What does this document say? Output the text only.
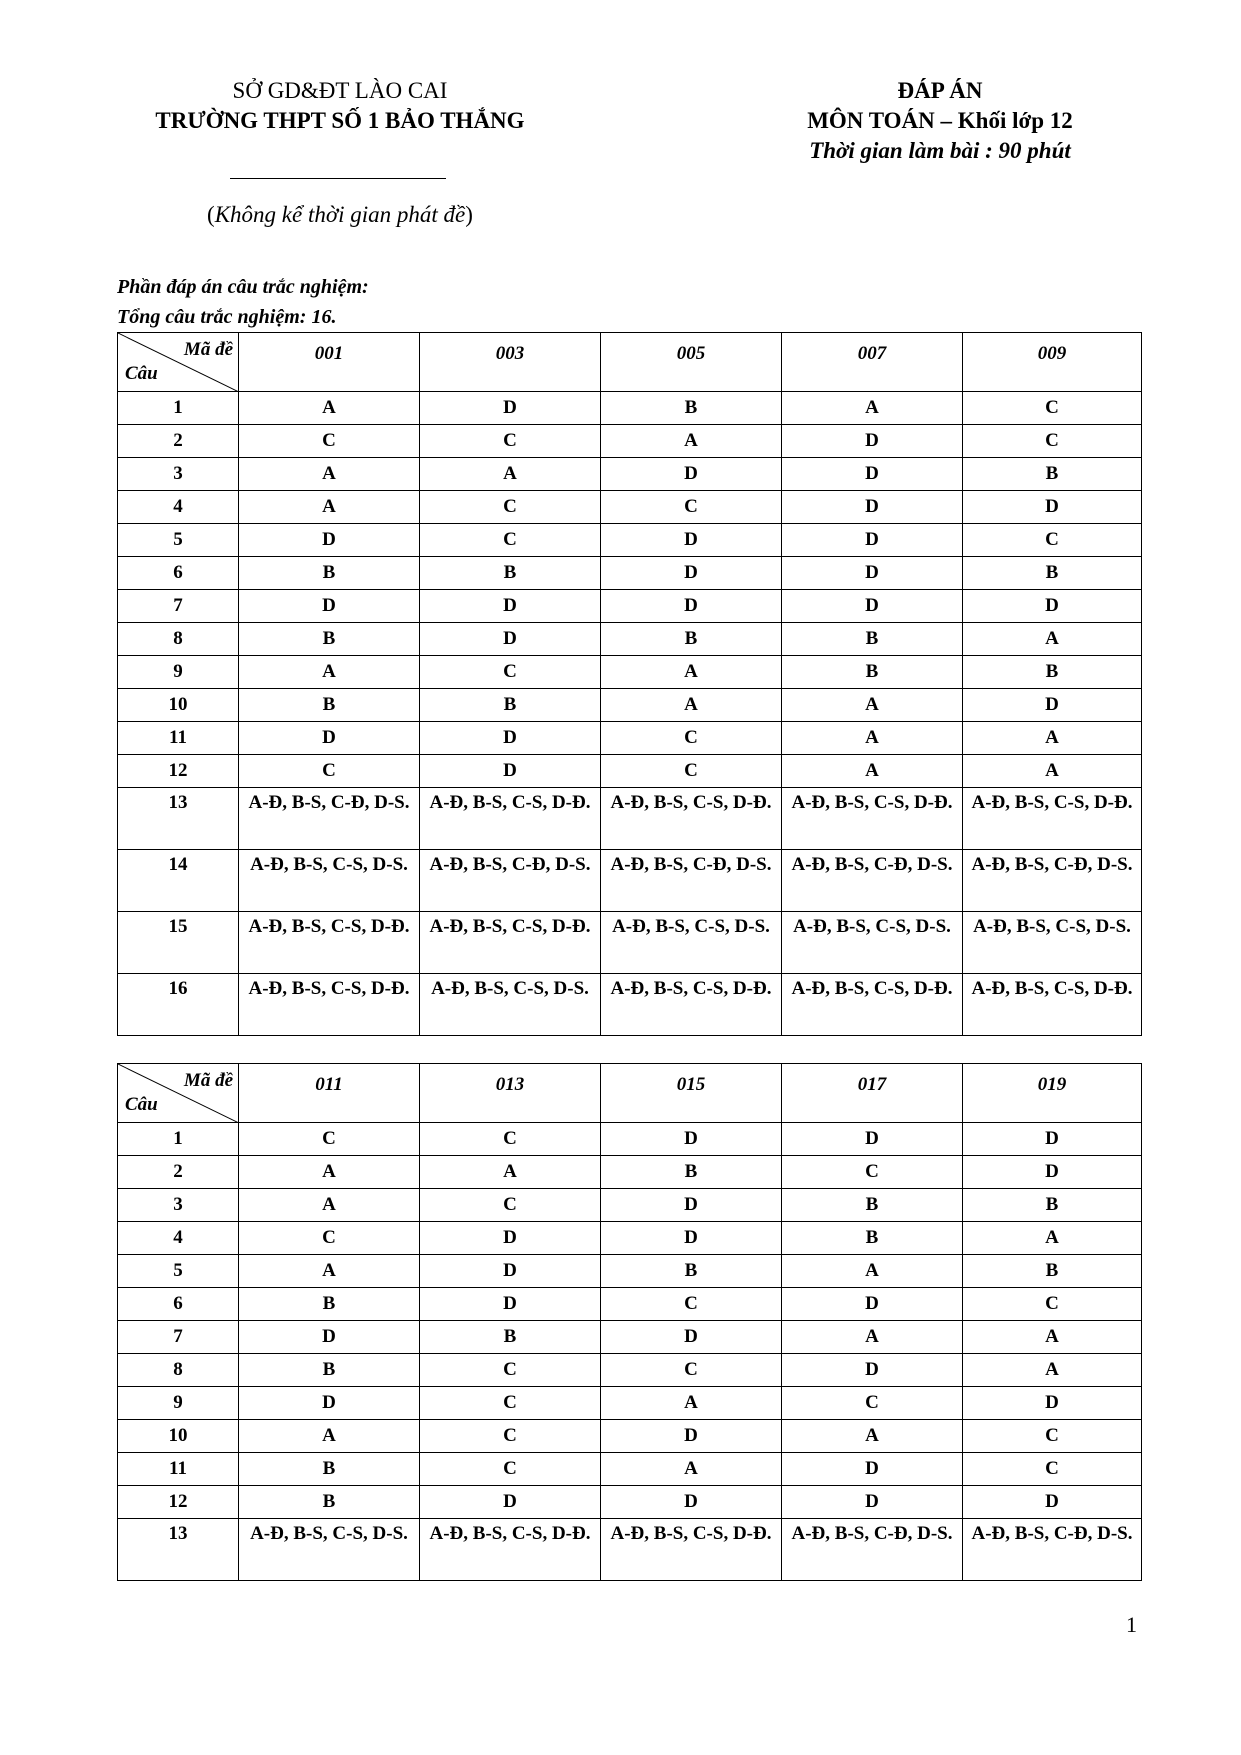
SỞ GD&ĐT LÀO CAI
TRƯỜNG THPT SỐ 1 BẢO THẮNG
ĐÁP ÁN
MÔN TOÁN – Khối lớp 12
Thời gian làm bài : 90 phút
(Không kể thời gian phát đề)
Phần đáp án câu trắc nghiệm:
Tổng câu trắc nghiệm: 16.
Mã đề
Câu	001	003	005	007	009
1	A	D	B	A	C
2	C	C	A	D	C
3	A	A	D	D	B
4	A	C	C	D	D
5	D	C	D	D	C
6	B	B	D	D	B
7	D	D	D	D	D
8	B	D	B	B	A
9	A	C	A	B	B
10	B	B	A	A	D
11	D	D	C	A	A
12	C	D	C	A	A
13	A-Đ, B-S, C-Đ, D-S.	A-Đ, B-S, C-S, D-Đ.	A-Đ, B-S, C-S, D-Đ.	A-Đ, B-S, C-S, D-Đ.	A-Đ, B-S, C-S, D-Đ.
14	A-Đ, B-S, C-S, D-S.	A-Đ, B-S, C-Đ, D-S.	A-Đ, B-S, C-Đ, D-S.	A-Đ, B-S, C-Đ, D-S.	A-Đ, B-S, C-Đ, D-S.
15	A-Đ, B-S, C-S, D-Đ.	A-Đ, B-S, C-S, D-Đ.	A-Đ, B-S, C-S, D-S.	A-Đ, B-S, C-S, D-S.	A-Đ, B-S, C-S, D-S.
16	A-Đ, B-S, C-S, D-Đ.	A-Đ, B-S, C-S, D-S.	A-Đ, B-S, C-S, D-Đ.	A-Đ, B-S, C-S, D-Đ.	A-Đ, B-S, C-S, D-Đ.
Mã đề
Câu	011	013	015	017	019
1	C	C	D	D	D
2	A	A	B	C	D
3	A	C	D	B	B
4	C	D	D	B	A
5	A	D	B	A	B
6	B	D	C	D	C
7	D	B	D	A	A
8	B	C	C	D	A
9	D	C	A	C	D
10	A	C	D	A	C
11	B	C	A	D	C
12	B	D	D	D	D
13	A-Đ, B-S, C-S, D-S.	A-Đ, B-S, C-S, D-Đ.	A-Đ, B-S, C-S, D-Đ.	A-Đ, B-S, C-Đ, D-S.	A-Đ, B-S, C-Đ, D-S.
1
